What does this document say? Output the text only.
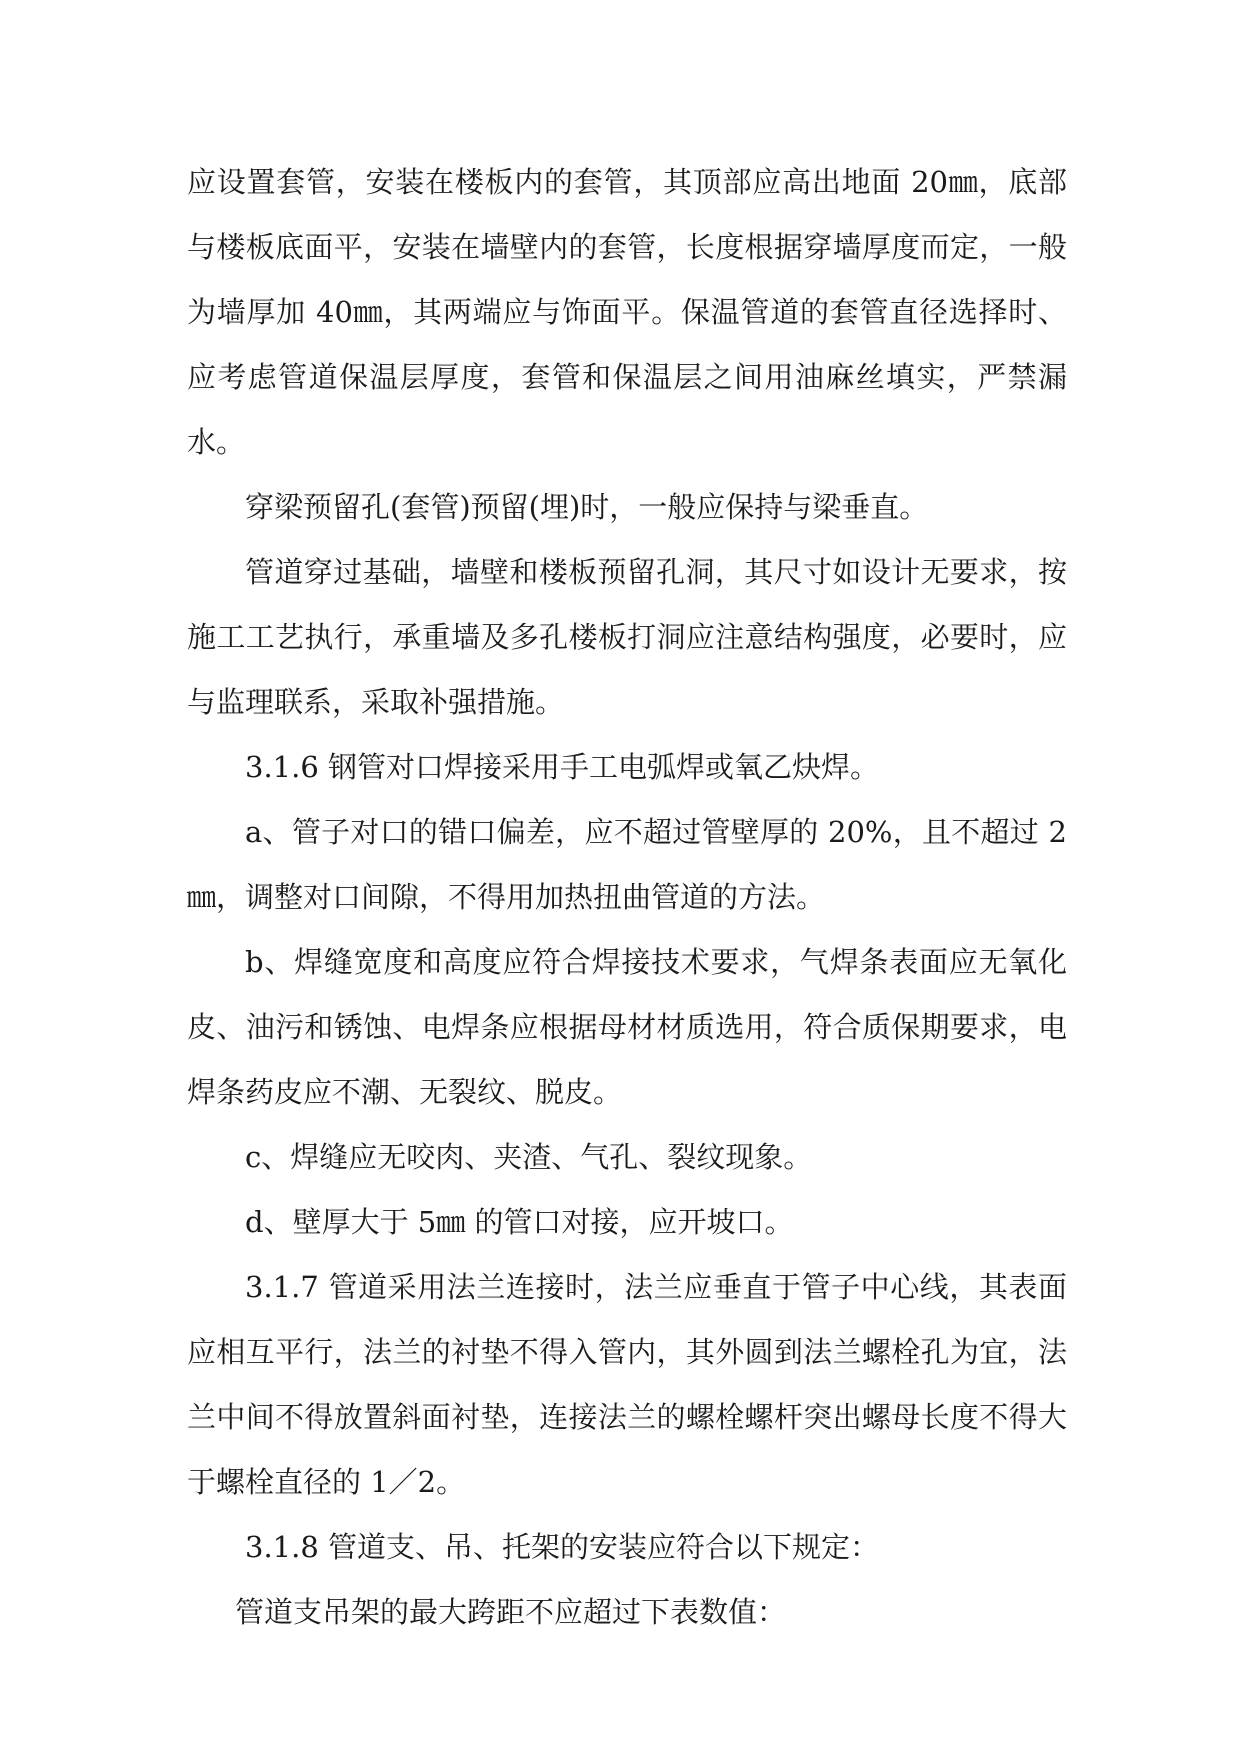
应设置套管，安装在楼板内的套管，其顶部应高出地面 20㎜，底部与楼板底面平，安装在墙壁内的套管，长度根据穿墙厚度而定，一般为墙厚加 40㎜，其两端应与饰面平。保温管道的套管直径选择时、应考虑管道保温层厚度，套管和保温层之间用油麻丝填实，严禁漏水。

穿梁预留孔(套管)预留(埋)时，一般应保持与梁垂直。

管道穿过基础，墙壁和楼板预留孔洞，其尺寸如设计无要求，按施工工艺执行，承重墙及多孔楼板打洞应注意结构强度，必要时，应与监理联系，采取补强措施。

3.1.6 钢管对口焊接采用手工电弧焊或氧乙炔焊。

a、管子对口的错口偏差，应不超过管壁厚的 20%，且不超过 2㎜，调整对口间隙，不得用加热扭曲管道的方法。

b、焊缝宽度和高度应符合焊接技术要求，气焊条表面应无氧化皮、油污和锈蚀、电焊条应根据母材材质选用，符合质保期要求，电焊条药皮应不潮、无裂纹、脱皮。

c、焊缝应无咬肉、夹渣、气孔、裂纹现象。

d、壁厚大于 5㎜ 的管口对接，应开坡口。

3.1.7 管道采用法兰连接时，法兰应垂直于管子中心线，其表面应相互平行，法兰的衬垫不得入管内，其外圆到法兰螺栓孔为宜，法兰中间不得放置斜面衬垫，连接法兰的螺栓螺杆突出螺母长度不得大于螺栓直径的 1／2。

3.1.8 管道支、吊、托架的安装应符合以下规定：

管道支吊架的最大跨距不应超过下表数值：
